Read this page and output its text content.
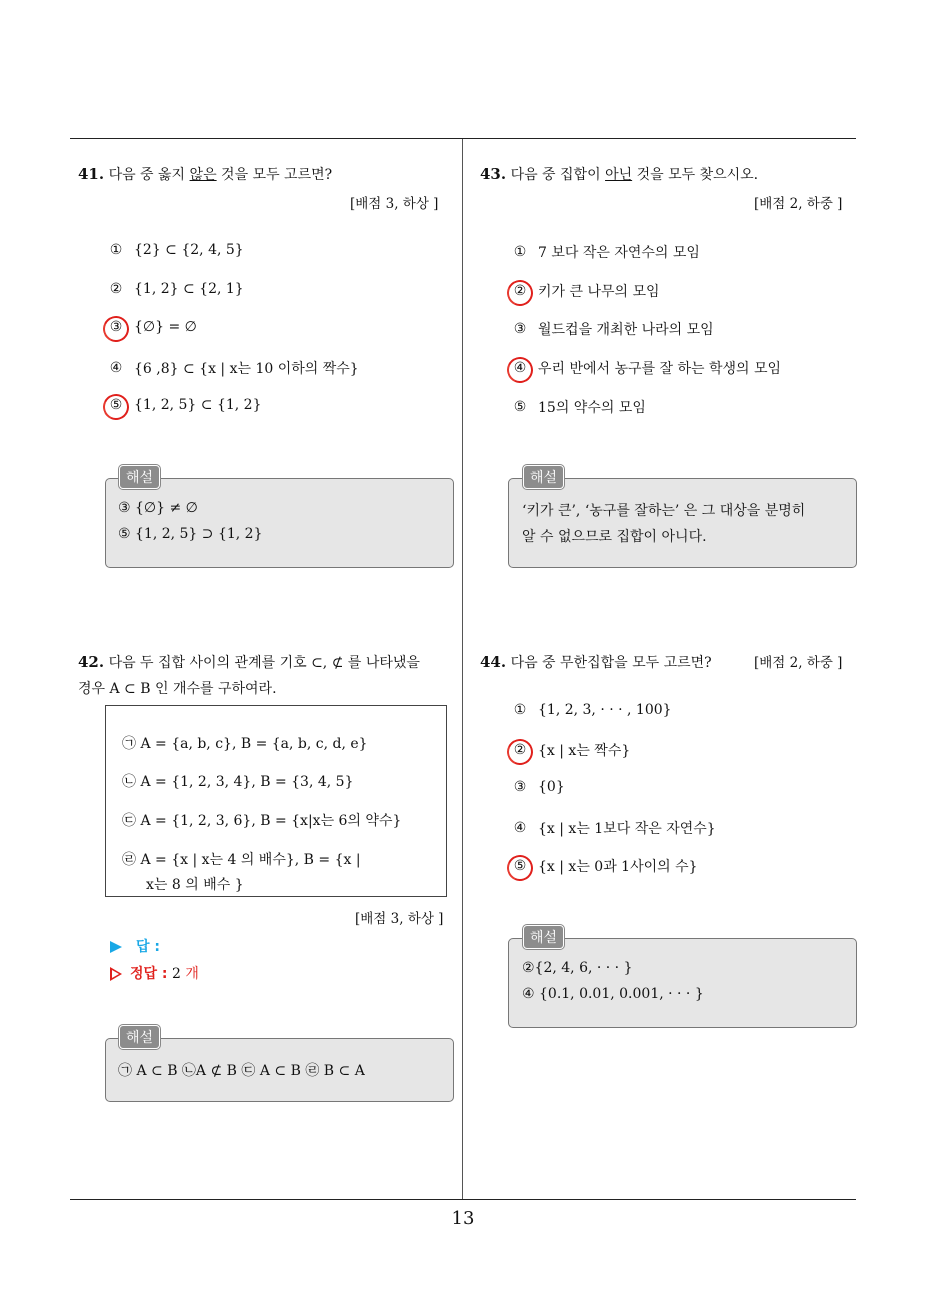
13
41. 다음 중 옳지 않은 것을 모두 고르면?
[배점 3, 하상 ]
① {2} ⊂ {2, 4, 5}
② {1, 2} ⊂ {2, 1}
③ {∅} = ∅
④ {6 ,8} ⊂ {x | x는 10 이하의 짝수}
⑤ {1, 2, 5} ⊂ {1, 2}
해설
③ {∅} ≠ ∅
⑤ {1, 2, 5} ⊃ {1, 2}
42. 다음 두 집합 사이의 관계를 기호 ⊂, ⊄ 를 나타냈을
경우 A ⊂ B 인 개수를 구하여라.
㉠ A = {a, b, c}, B = {a, b, c, d, e}
㉡ A = {1, 2, 3, 4}, B = {3, 4, 5}
㉢ A = {1, 2, 3, 6}, B = {x|x는 6의 약수}
㉣ A = {x | x는 4 의 배수}, B = {x |
x는 8 의 배수 }
[배점 3, 하상 ]
답 :
정답 : 2 개
해설
㉠ A ⊂ B ㉡A ⊄ B ㉢ A ⊂ B ㉣ B ⊂ A
43. 다음 중 집합이 아닌 것을 모두 찾으시오.
[배점 2, 하중 ]
① 7 보다 작은 자연수의 모임
② 키가 큰 나무의 모임
③ 월드컵을 개최한 나라의 모임
④ 우리 반에서 농구를 잘 하는 학생의 모임
⑤ 15의 약수의 모임
해설
‘키가 큰’, ‘농구를 잘하는’ 은 그 대상을 분명히
알 수 없으므로 집합이 아니다.
44. 다음 중 무한집합을 모두 고르면?	[배점 2, 하중 ]
① {1, 2, 3, · · · , 100}
② {x | x는 짝수}
③ {0}
④ {x | x는 1보다 작은 자연수}
⑤ {x | x는 0과 1사이의 수}
해설
②{2, 4, 6, · · · }
④ {0.1, 0.01, 0.001, · · · }
